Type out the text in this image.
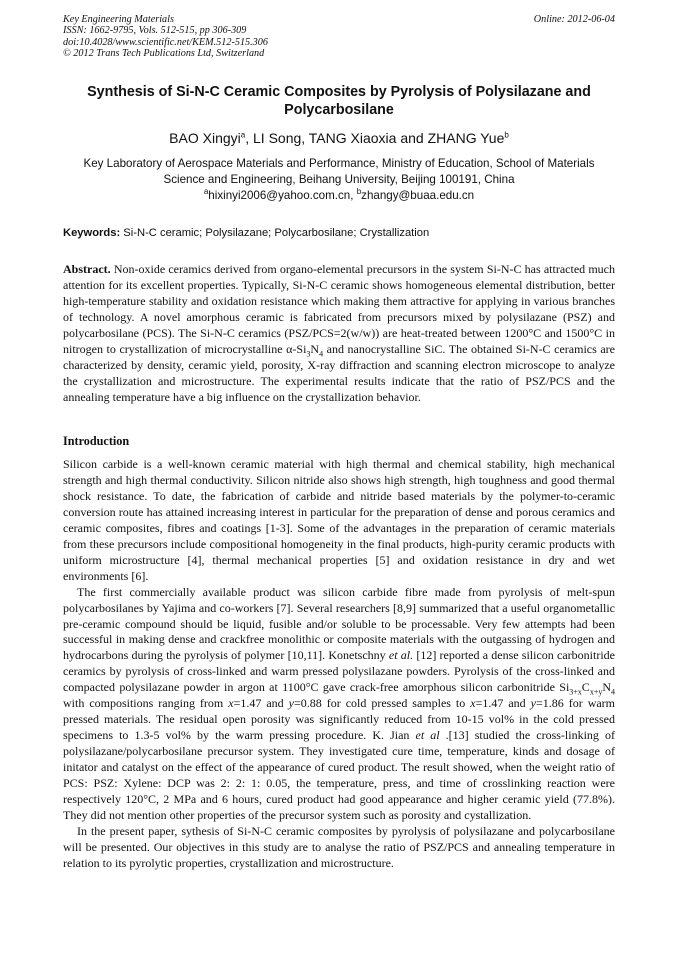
Key Engineering Materials
ISSN: 1662-9795, Vols. 512-515, pp 306-309
doi:10.4028/www.scientific.net/KEM.512-515.306
© 2012 Trans Tech Publications Ltd, Switzerland
Online: 2012-06-04
Synthesis of Si-N-C Ceramic Composites by Pyrolysis of Polysilazane and Polycarbosilane
BAO Xingyi$^a$, LI Song, TANG Xiaoxia and ZHANG Yue$^b$
Key Laboratory of Aerospace Materials and Performance, Ministry of Education, School of Materials Science and Engineering, Beihang University, Beijing 100191, China
$^a$hixinyi2006@yahoo.com.cn, $^b$zhangy@buaa.edu.cn
Keywords: Si-N-C ceramic; Polysilazane; Polycarbosilane; Crystallization
Abstract. Non-oxide ceramics derived from organo-elemental precursors in the system Si-N-C has attracted much attention for its excellent properties. Typically, Si-N-C ceramic shows homogeneous elemental distribution, better high-temperature stability and oxidation resistance which making them attractive for applying in various branches of technology. A novel amorphous ceramic is fabricated from precursors mixed by polysilazane (PSZ) and polycarbosilane (PCS). The Si-N-C ceramics (PSZ/PCS=2(w/w)) are heat-treated between 1200°C and 1500°C in nitrogen to crystallization of microcrystalline $\alpha-Si_3N_4$ and nanocrystalline SiC. The obtained Si-N-C ceramics are characterized by density, ceramic yield, porosity, X-ray diffraction and scanning electron microscope to analyze the crystallization and microstructure. The experimental results indicate that the ratio of PSZ/PCS and the annealing temperature have a big influence on the crystallization behavior.
Introduction

Silicon carbide is a well-known ceramic material with high thermal and chemical stability, high mechanical strength and high thermal conductivity. Silicon nitride also shows high strength, high toughness and good thermal shock resistance. To date, the fabrication of carbide and nitride based materials by the polymer-to-ceramic conversion route has attained increasing interest in particular for the preparation of dense and porous ceramics and ceramic composites, fibres and coatings [1-3]. Some of the advantages in the preparation of ceramic materials from these precursors include compositional homogeneity in the final products, high-purity ceramic products with uniform microstructure [4], thermal mechanical properties [5] and oxidation resistance in dry and wet environments [6].

The first commercially available product was silicon carbide fibre made from pyrolysis of melt-spun polycarbosilanes by Yajima and co-workers [7]. Several researchers [8,9] summarized that a useful organometallic pre-ceramic compound should be liquid, fusible and/or soluble to be processable. Very few attempts had been successful in making dense and crackfree monolithic or composite materials with the outgassing of hydrogen and hydrocarbons during the pyrolysis of polymer [10,11]. Konetschny et al. [12] reported a dense silicon carbonitride ceramics by pyrolysis of cross-linked and warm pressed polysilazane powders. Pyrolysis of the cross-linked and compacted polysilazane powder in argon at 1100°C gave crack-free amorphous silicon carbonitride $Si_{3+x}C_{x+y}N_4$ with compositions ranging from x=1.47 and y=0.88 for cold pressed samples to x=1.47 and y=1.86 for warm pressed materials. The residual open porosity was significantly reduced from 10-15 vol% in the cold pressed specimens to 1.3-5 vol% by the warm pressing procedure. K. Jian et al .[13] studied the cross-linking of polysilazane/polycarbosilane precursor system. They investigated cure time, temperature, kinds and dosage of initator and catalyst on the effect of the appearance of cured product. The result showed, when the weight ratio of PCS: PSZ: Xylene: DCP was 2: 2: 1: 0.05, the temperature, press, and time of crosslinking reaction were respectively 120°C, 2 MPa and 6 hours, cured product had good appearance and higher ceramic yield (77.8%). They did not mention other properties of the precursor system such as porosity and cystallization.

In the present paper, sythesis of Si-N-C ceramic composites by pyrolysis of polysilazane and polycarbosilane will be presented. Our objectives in this study are to analyse the ratio of PSZ/PCS and annealing temperature in relation to its pyrolytic properties, crystallization and microstructure.
